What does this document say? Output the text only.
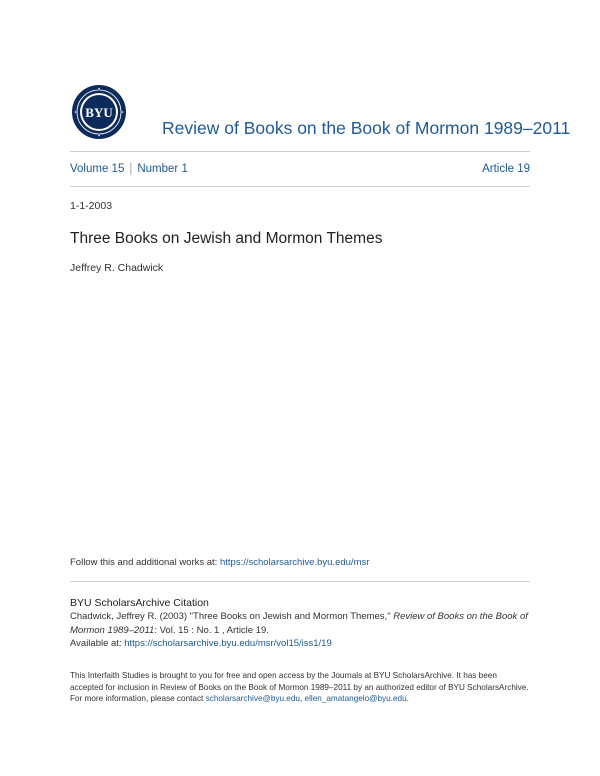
BYU
Review of Books on the Book of Mormon 1989–2011
Volume 15 | Number 1	Article 19
1-1-2003
Three Books on Jewish and Mormon Themes
Jeffrey R. Chadwick
Follow this and additional works at: https://scholarsarchive.byu.edu/msr
BYU ScholarsArchive Citation
Chadwick, Jeffrey R. (2003) "Three Books on Jewish and Mormon Themes," Review of Books on the Book of Mormon 1989–2011: Vol. 15 : No. 1 , Article 19.
Available at: https://scholarsarchive.byu.edu/msr/vol15/iss1/19
This Interfaith Studies is brought to you for free and open access by the Journals at BYU ScholarsArchive. It has been accepted for inclusion in Review of Books on the Book of Mormon 1989–2011 by an authorized editor of BYU ScholarsArchive. For more information, please contact scholarsarchive@byu.edu, ellen_amatangelo@byu.edu.
